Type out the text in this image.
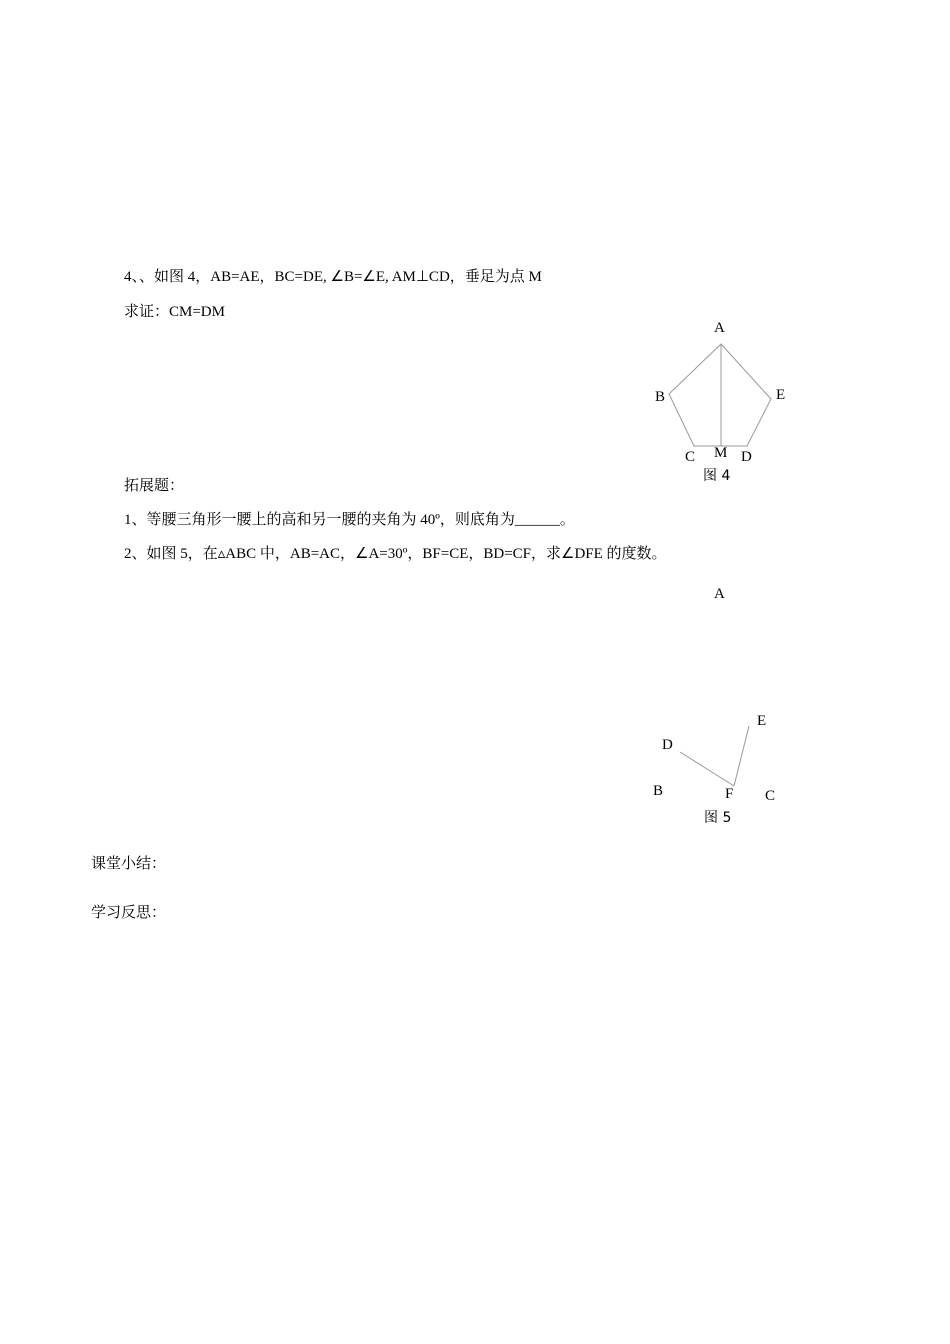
4、、如图 4，AB=AE，BC=DE, ∠B=∠E, AM⊥CD，垂足为点 M
求证：CM=DM
A
B
C	D
E
M
图 4
拓展题：
1、等腰三角形一腰上的高和另一腰的夹角为 40º，则底角为______。
2、如图 5，在▵ABC 中，AB=AC，∠A=30º，BF=CE，BD=CF，求∠DFE 的度数。
A
B	C
D
E
F
图 5
课堂小结：
学习反思：
